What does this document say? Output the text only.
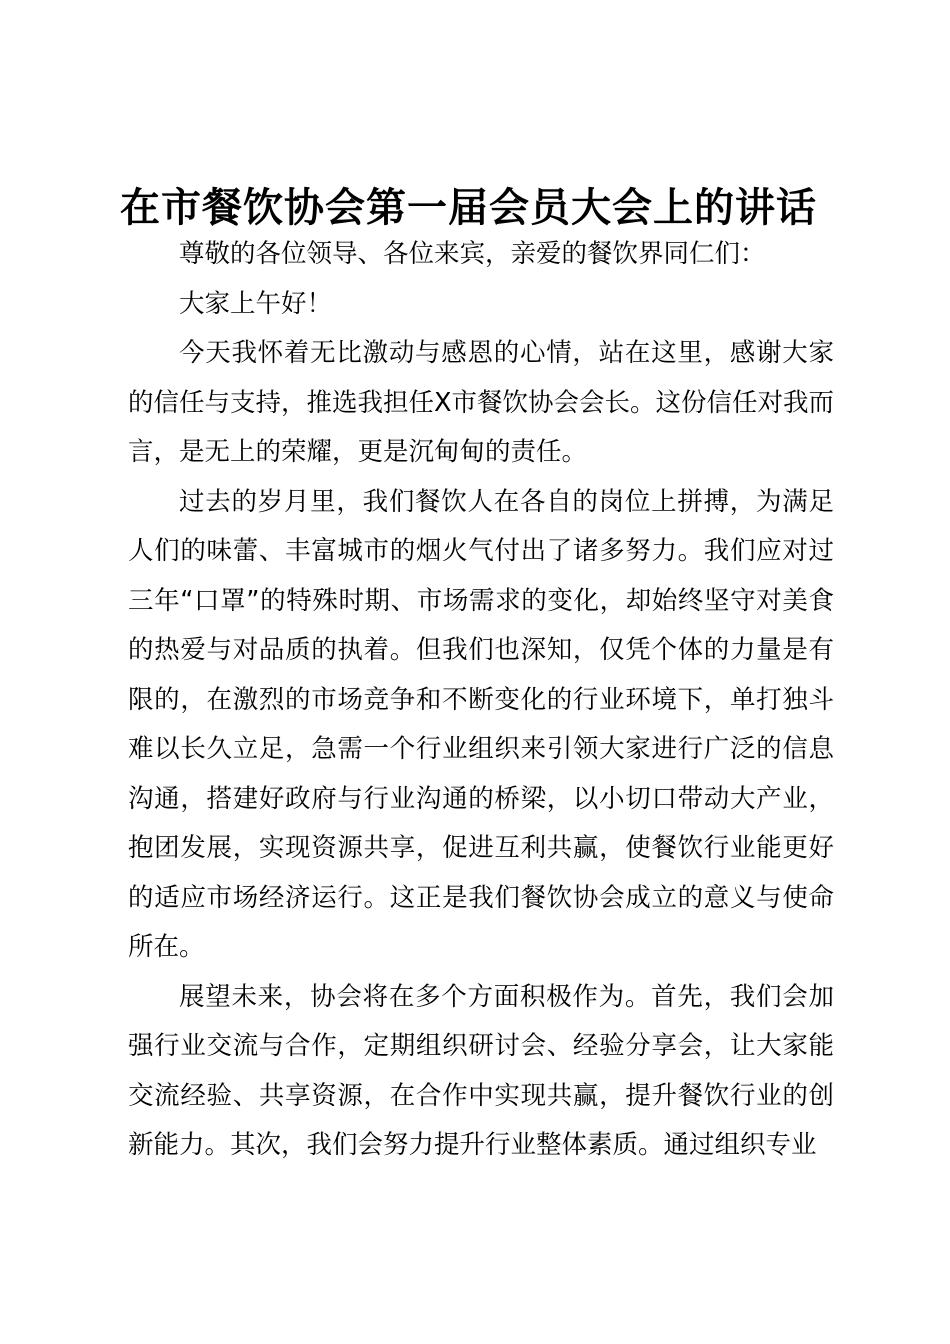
在市餐饮协会第一届会员大会上的讲话

尊敬的各位领导、各位来宾，亲爱的餐饮界同仁们：

大家上午好！

今天我怀着无比激动与感恩的心情，站在这里，感谢大家的信任与支持，推选我担任X市餐饮协会会长。这份信任对我而言，是无上的荣耀，更是沉甸甸的责任。

过去的岁月里，我们餐饮人在各自的岗位上拼搏，为满足人们的味蕾、丰富城市的烟火气付出了诸多努力。我们应对过三年“口罩”的特殊时期、市场需求的变化，却始终坚守对美食的热爱与对品质的执着。但我们也深知，仅凭个体的力量是有限的，在激烈的市场竞争和不断变化的行业环境下，单打独斗难以长久立足，急需一个行业组织来引领大家进行广泛的信息沟通，搭建好政府与行业沟通的桥梁，以小切口带动大产业，抱团发展，实现资源共享，促进互利共赢，使餐饮行业能更好的适应市场经济运行。这正是我们餐饮协会成立的意义与使命所在。

展望未来，协会将在多个方面积极作为。首先，我们会加强行业交流与合作，定期组织研讨会、经验分享会，让大家能交流经验、共享资源，在合作中实现共赢，提升餐饮行业的创新能力。其次，我们会努力提升行业整体素质。通过组织专业
